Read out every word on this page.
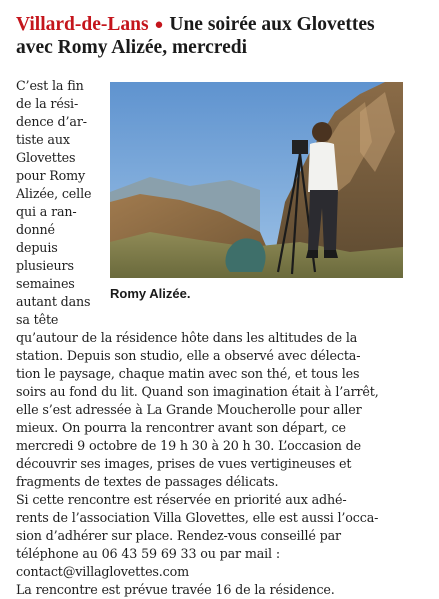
Villard-de-Lans ● Une soirée aux Glovettes
avec Romy Alizée, mercredi
Romy Alizée.
C’est la fin
de la rési-
dence d’ar-
tiste aux
Glovettes
pour Romy
Alizée, celle
qui a ran-
donné
depuis
plusieurs
semaines
autant dans
sa tête
qu’autour de la résidence hôte dans les altitudes de la
station. Depuis son studio, elle a observé avec délecta-
tion le paysage, chaque matin avec son thé, et tous les
soirs au fond du lit. Quand son imagination était à l’arrêt,
elle s’est adressée à La Grande Moucherolle pour aller
mieux. On pourra la rencontrer avant son départ, ce
mercredi 9 octobre de 19 h 30 à 20 h 30. L’occasion de
découvrir ses images, prises de vues vertigineuses et
fragments de textes de passages délicats.
Si cette rencontre est réservée en priorité aux adhé-
rents de l’association Villa Glovettes, elle est aussi l’occa-
sion d’adhérer sur place. Rendez-vous conseillé par
téléphone au 06 43 59 69 33 ou par mail :
contact@villaglovettes.com
La rencontre est prévue travée 16 de la résidence.
